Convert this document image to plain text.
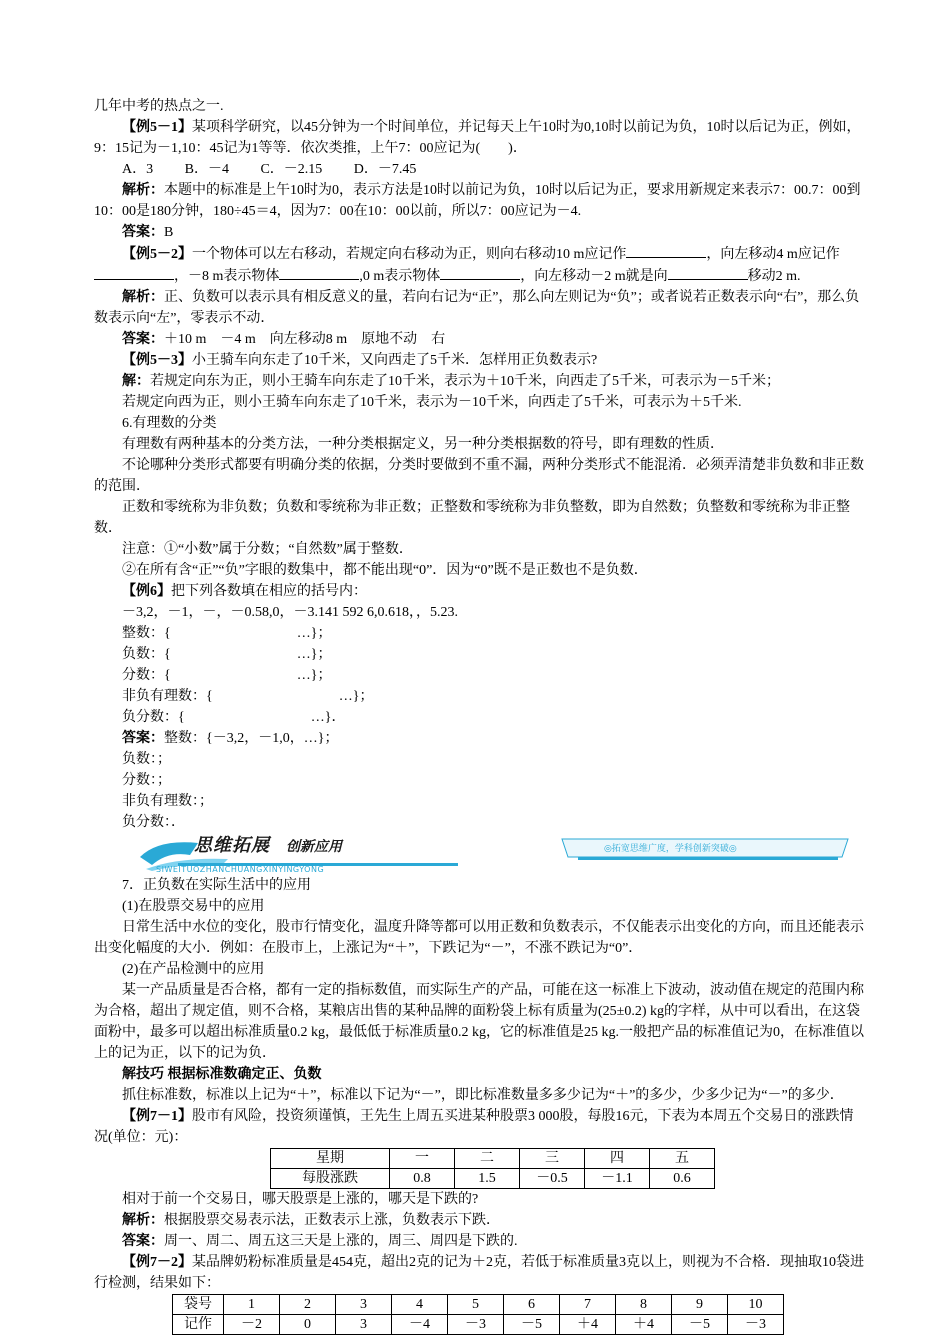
几年中考的热点之一.

【例5－1】某项科学研究，以45分钟为一个时间单位，并记每天上午10时为0,10时以前记为负，10时以后记为正，例如，9：15记为－1,10：45记为1等等．依次类推，上午7：00应记为(　　)．

A．3　　 B．－4　　 C．－2.15　　 D．－7.45

解析：本题中的标准是上午10时为0，表示方法是10时以前记为负，10时以后记为正，要求用新规定来表示7：00.7：00到10：00是180分钟，180÷45＝4，因为7：00在10：00以前，所以7：00应记为－4.

答案：B

【例5－2】一个物体可以左右移动，若规定向右移动为正，则向右移动10 m应记作	，向左移动4 m应记作，－8 m表示物体	,0 m表示物体	，向左移动－2 m就是向	移动2 m.

解析：正、负数可以表示具有相反意义的量，若向右记为“正”，那么向左则记为“负”；或者说若正数表示向“右”，那么负数表示向“左”，零表示不动．

答案：＋10 m　－4 m　向左移动8 m　原地不动　右

【例5－3】小王骑车向东走了10千米，又向西走了5千米．怎样用正负数表示?

解：若规定向东为正，则小王骑车向东走了10千米，表示为＋10千米，向西走了5千米，可表示为－5千米；

若规定向西为正，则小王骑车向东走了10千米，表示为－10千米，向西走了5千米，可表示为＋5千米.

6.有理数的分类

有理数有两种基本的分类方法，一种分类根据定义，另一种分类根据数的符号，即有理数的性质．

不论哪种分类形式都要有明确分类的依据，分类时要做到不重不漏，两种分类形式不能混淆．必须弄清楚非负数和非正数的范围．

正数和零统称为非负数；负数和零统称为非正数；正整数和零统称为非负整数，即为自然数；负整数和零统称为非正整数．

注意：①“小数”属于分数；“自然数”属于整数．

②在所有含“正”“负”字眼的数集中，都不能出现“0”．因为“0”既不是正数也不是负数．

【例6】把下列各数填在相应的括号内：

－3,2，－1，－，－0.58,0，－3.141 592 6,0.618，，5.23.

整数：{　　　　　　　　　…}；

负数：{　　　　　　　　　…}；

分数：{　　　　　　　　　…}；

非负有理数：{　　　　　　　　　…}；

负分数：{　　　　　　　　　…}．

答案：整数：{－3,2，－1,0，…}；

负数：；

分数：；

非负有理数：；

负分数：．

思维拓展 创新应用
SIWEITUOZHANCHUANGXINYINGYONG
◎拓宽思维广度，学科创新突破◎

7．正负数在实际生活中的应用

(1)在股票交易中的应用

日常生活中水位的变化，股市行情变化，温度升降等都可以用正数和负数表示，不仅能表示出变化的方向，而且还能表示出变化幅度的大小．例如：在股市上，上涨记为“＋”，下跌记为“－”，不涨不跌记为“0”．

(2)在产品检测中的应用

某一产品质量是否合格，都有一定的指标数值，而实际生产的产品，可能在这一标准上下波动，波动值在规定的范围内称为合格，超出了规定值，则不合格，某粮店出售的某种品牌的面粉袋上标有质量为(25±0.2) kg的字样，从中可以看出，在这袋面粉中，最多可以超出标准质量0.2 kg，最低低于标准质量0.2 kg，它的标准值是25 kg.一般把产品的标准值记为0，在标准值以上的记为正，以下的记为负．

解技巧 根据标准数确定正、负数

抓住标准数，标准以上记为“＋”，标准以下记为“－”，即比标准数量多多少记为“＋”的多少，少多少记为“－”的多少．

【例7－1】股市有风险，投资须谨慎，王先生上周五买进某种股票3 000股，每股16元，下表为本周五个交易日的涨跌情况(单位：元)：

星期	一	二	三	四	五
每股涨跌	0.8	1.5	－0.5	－1.1	0.6

相对于前一个交易日，哪天股票是上涨的，哪天是下跌的?

解析：根据股票交易表示法，正数表示上涨，负数表示下跌．

答案：周一、周二、周五这三天是上涨的，周三、周四是下跌的.

【例7－2】某品牌奶粉标准质量是454克，超出2克的记为＋2克，若低于标准质量3克以上，则视为不合格．现抽取10袋进行检测，结果如下：

袋号	1	2	3	4	5	6	7	8	9	10
记作	－2	0	3	－4	－3	－5	＋4	＋4	－5	－3
